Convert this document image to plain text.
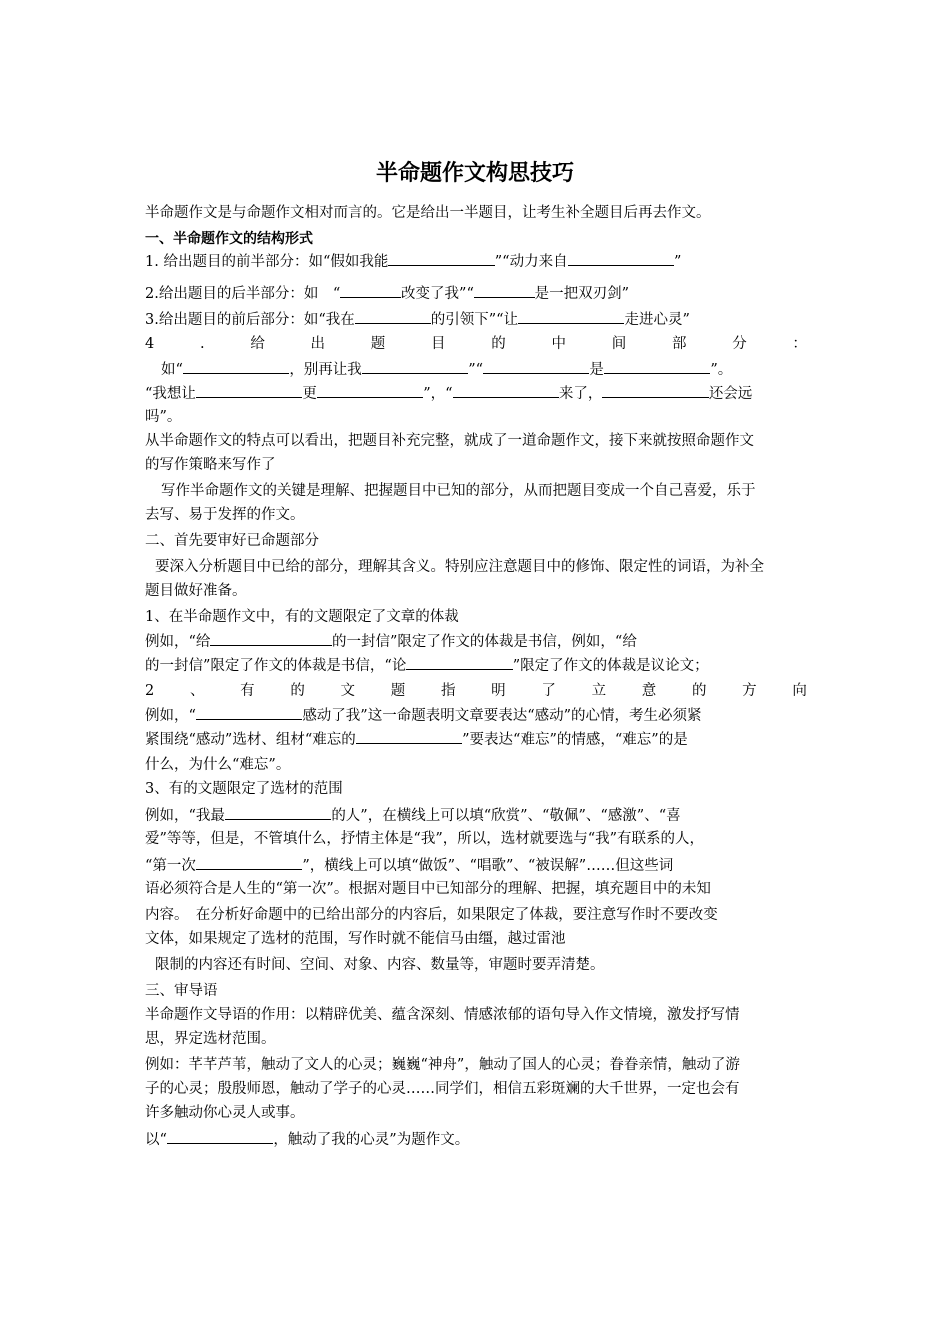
半命题作文构思技巧
半命题作文是与命题作文相对而言的。它是给出一半题目，让考生补全题目后再去作文。
一、半命题作文的结构形式
1. 给出题目的前半部分：如“假如我能	”“动力来自	”
2.给出题目的后半部分：如　“	改变了我”“	是一把双刃剑”
3.给出题目的前后部分：如“我在	的引领下”“让	走进心灵”
4	.	给	出	题	目	的	中	间	部	分	：
如“	，别再让我	”“	是	”。
“我想让	更	”，“	来了，	还会远
吗”。
从半命题作文的特点可以看出，把题目补充完整，就成了一道命题作文，接下来就按照命题作文
的写作策略来写作了
写作半命题作文的关键是理解、把握题目中已知的部分，从而把题目变成一个自己喜爱，乐于
去写、易于发挥的作文。
二、首先要审好已命题部分
要深入分析题目中已给的部分，理解其含义。特别应注意题目中的修饰、限定性的词语，为补全
题目做好准备。
1、在半命题作文中，有的文题限定了文章的体裁
例如，“给	的一封信”限定了作文的体裁是书信，例如，“给
的一封信”限定了作文的体裁是书信，“论	”限定了作文的体裁是议论文；
2 、 有 的 文 题 指 明 了 立 意 的 方 向
例如，“	感动了我”这一命题表明文章要表达“感动”的心情，考生必须紧
紧围绕“感动”选材、组材“难忘的	”要表达“难忘”的情感，“难忘”的是
什么，为什么“难忘”。
3、有的文题限定了选材的范围
例如，“我最	的人”，在横线上可以填“欣赏”、“敬佩”、“感激”、“喜
爱”等等，但是，不管填什么，抒情主体是“我”，所以，选材就要选与“我”有联系的人，
“第一次	”，横线上可以填“做饭”、“唱歌”、“被误解”……但这些词
语必须符合是人生的“第一次”。根据对题目中已知部分的理解、把握，填充题目中的未知
内容。　在分析好命题中的已给出部分的内容后，如果限定了体裁，要注意写作时不要改变
文体，如果规定了选材的范围，写作时就不能信马由缰，越过雷池
限制的内容还有时间、空间、对象、内容、数量等，审题时要弄清楚。
三、审导语
半命题作文导语的作用：以精辟优美、蕴含深刻、情感浓郁的语句导入作文情境，激发抒写情
思，界定选材范围。
例如：芊芊芦苇，触动了文人的心灵；巍巍“神舟”，触动了国人的心灵；眷眷亲情，触动了游
子的心灵；殷殷师恩，触动了学子的心灵……同学们，相信五彩斑斓的大千世界，一定也会有
许多触动你心灵人或事。
以“	，触动了我的心灵”为题作文。
